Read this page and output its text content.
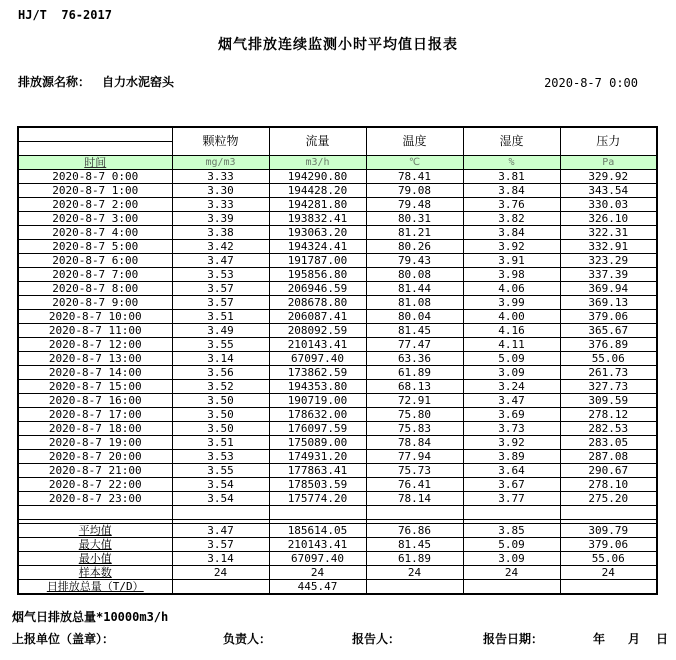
HJ/T  76-2017
烟气排放连续监测小时平均值日报表
排放源名称： 自力水泥窑头	2020-8-7 0:00
	颗粒物	流量	温度	湿度	压力

时间	mg/m3	m3/h	℃	%	Pa
2020-8-7 0:00	3.33	194290.80	78.41	3.81	329.92
2020-8-7 1:00	3.30	194428.20	79.08	3.84	343.54
2020-8-7 2:00	3.33	194281.80	79.48	3.76	330.03
2020-8-7 3:00	3.39	193832.41	80.31	3.82	326.10
2020-8-7 4:00	3.38	193063.20	81.21	3.84	322.31
2020-8-7 5:00	3.42	194324.41	80.26	3.92	332.91
2020-8-7 6:00	3.47	191787.00	79.43	3.91	323.29
2020-8-7 7:00	3.53	195856.80	80.08	3.98	337.39
2020-8-7 8:00	3.57	206946.59	81.44	4.06	369.94
2020-8-7 9:00	3.57	208678.80	81.08	3.99	369.13
2020-8-7 10:00	3.51	206087.41	80.04	4.00	379.06
2020-8-7 11:00	3.49	208092.59	81.45	4.16	365.67
2020-8-7 12:00	3.55	210143.41	77.47	4.11	376.89
2020-8-7 13:00	3.14	67097.40	63.36	5.09	55.06
2020-8-7 14:00	3.56	173862.59	61.89	3.09	261.73
2020-8-7 15:00	3.52	194353.80	68.13	3.24	327.73
2020-8-7 16:00	3.50	190719.00	72.91	3.47	309.59
2020-8-7 17:00	3.50	178632.00	75.80	3.69	278.12
2020-8-7 18:00	3.50	176097.59	75.83	3.73	282.53
2020-8-7 19:00	3.51	175089.00	78.84	3.92	283.05
2020-8-7 20:00	3.53	174931.20	77.94	3.89	287.08
2020-8-7 21:00	3.55	177863.41	75.73	3.64	290.67
2020-8-7 22:00	3.54	178503.59	76.41	3.67	278.10
2020-8-7 23:00	3.54	175774.20	78.14	3.77	275.20

平均值	3.47	185614.05	76.86	3.85	309.79
最大值	3.57	210143.41	81.45	5.09	379.06
最小值	3.14	67097.40	61.89	3.09	55.06
样本数	24	24	24	24	24
日排放总量（T/D）		445.47			
烟气日排放总量*10000m3/h
上报单位（盖章）：	负责人：	报告人：	报告日期：	年 月 日
